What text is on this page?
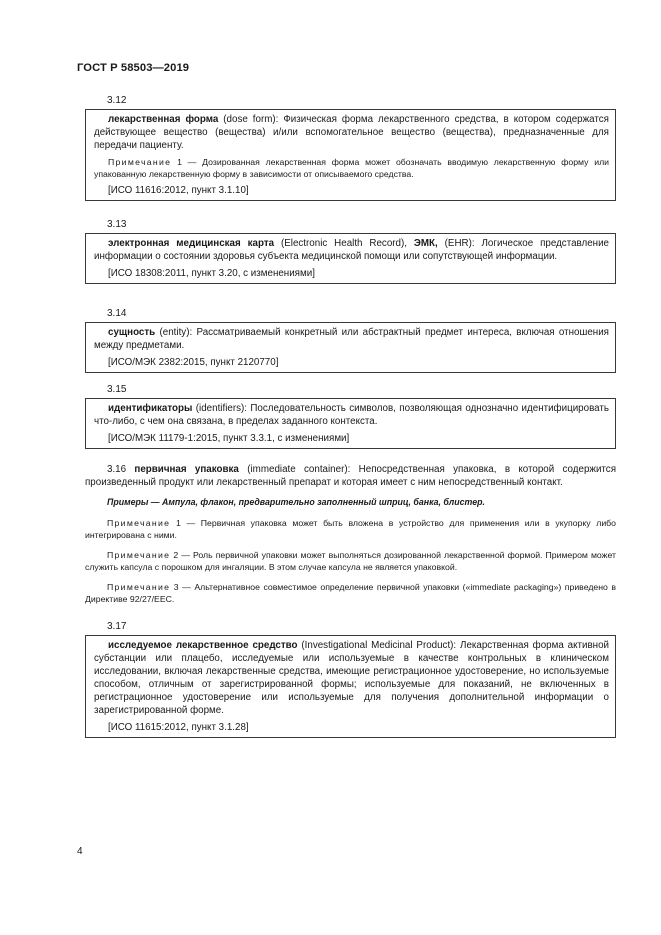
ГОСТ Р 58503—2019
3.12

лекарственная форма (dose form): Физическая форма лекарственного средства, в котором содержатся действующее вещество (вещества) и/или вспомогательное вещество (вещества), предназначенные для передачи пациенту.

Примечание 1 — Дозированная лекарственная форма может обозначать вводимую лекарственную форму или упакованную лекарственную форму в зависимости от описываемого средства.

[ИСО 11616:2012, пункт 3.1.10]

3.13

электронная медицинская карта (Electronic Health Record), ЭМК, (EHR): Логическое представление информации о состоянии здоровья субъекта медицинской помощи или сопутствующей информации.

[ИСО 18308:2011, пункт 3.20, с изменениями]

3.14

сущность (entity): Рассматриваемый конкретный или абстрактный предмет интереса, включая отношения между предметами.

[ИСО/МЭК 2382:2015, пункт 2120770]

3.15

идентификаторы (identifiers): Последовательность символов, позволяющая однозначно идентифицировать что-либо, с чем она связана, в пределах заданного контекста.

[ИСО/МЭК 11179-1:2015, пункт 3.3.1, с изменениями]

3.16 первичная упаковка (immediate container): Непосредственная упаковка, в которой содержится произведенный продукт или лекарственный препарат и которая имеет с ним непосредственный контакт.

Примеры — Ампула, флакон, предварительно заполненный шприц, банка, блистер.

Примечание 1 — Первичная упаковка может быть вложена в устройство для применения или в укупорку либо интегрирована с ними.

Примечание 2 — Роль первичной упаковки может выполняться дозированной лекарственной формой. Примером может служить капсула с порошком для ингаляции. В этом случае капсула не является упаковкой.

Примечание 3 — Альтернативное совместимое определение первичной упаковки («immediate packaging») приведено в Директиве 92/27/ЕЕС.

3.17

исследуемое лекарственное средство (Investigational Medicinal Product): Лекарственная форма активной субстанции или плацебо, исследуемые или используемые в качестве контрольных в клиническом исследовании, включая лекарственные средства, имеющие регистрационное удостоверение, но используемые способом, отличным от зарегистрированной формы; используемые для показаний, не включенных в регистрационное удостоверение или используемые для получения дополнительной информации о зарегистрированной форме.

[ИСО 11615:2012, пункт 3.1.28]

4
